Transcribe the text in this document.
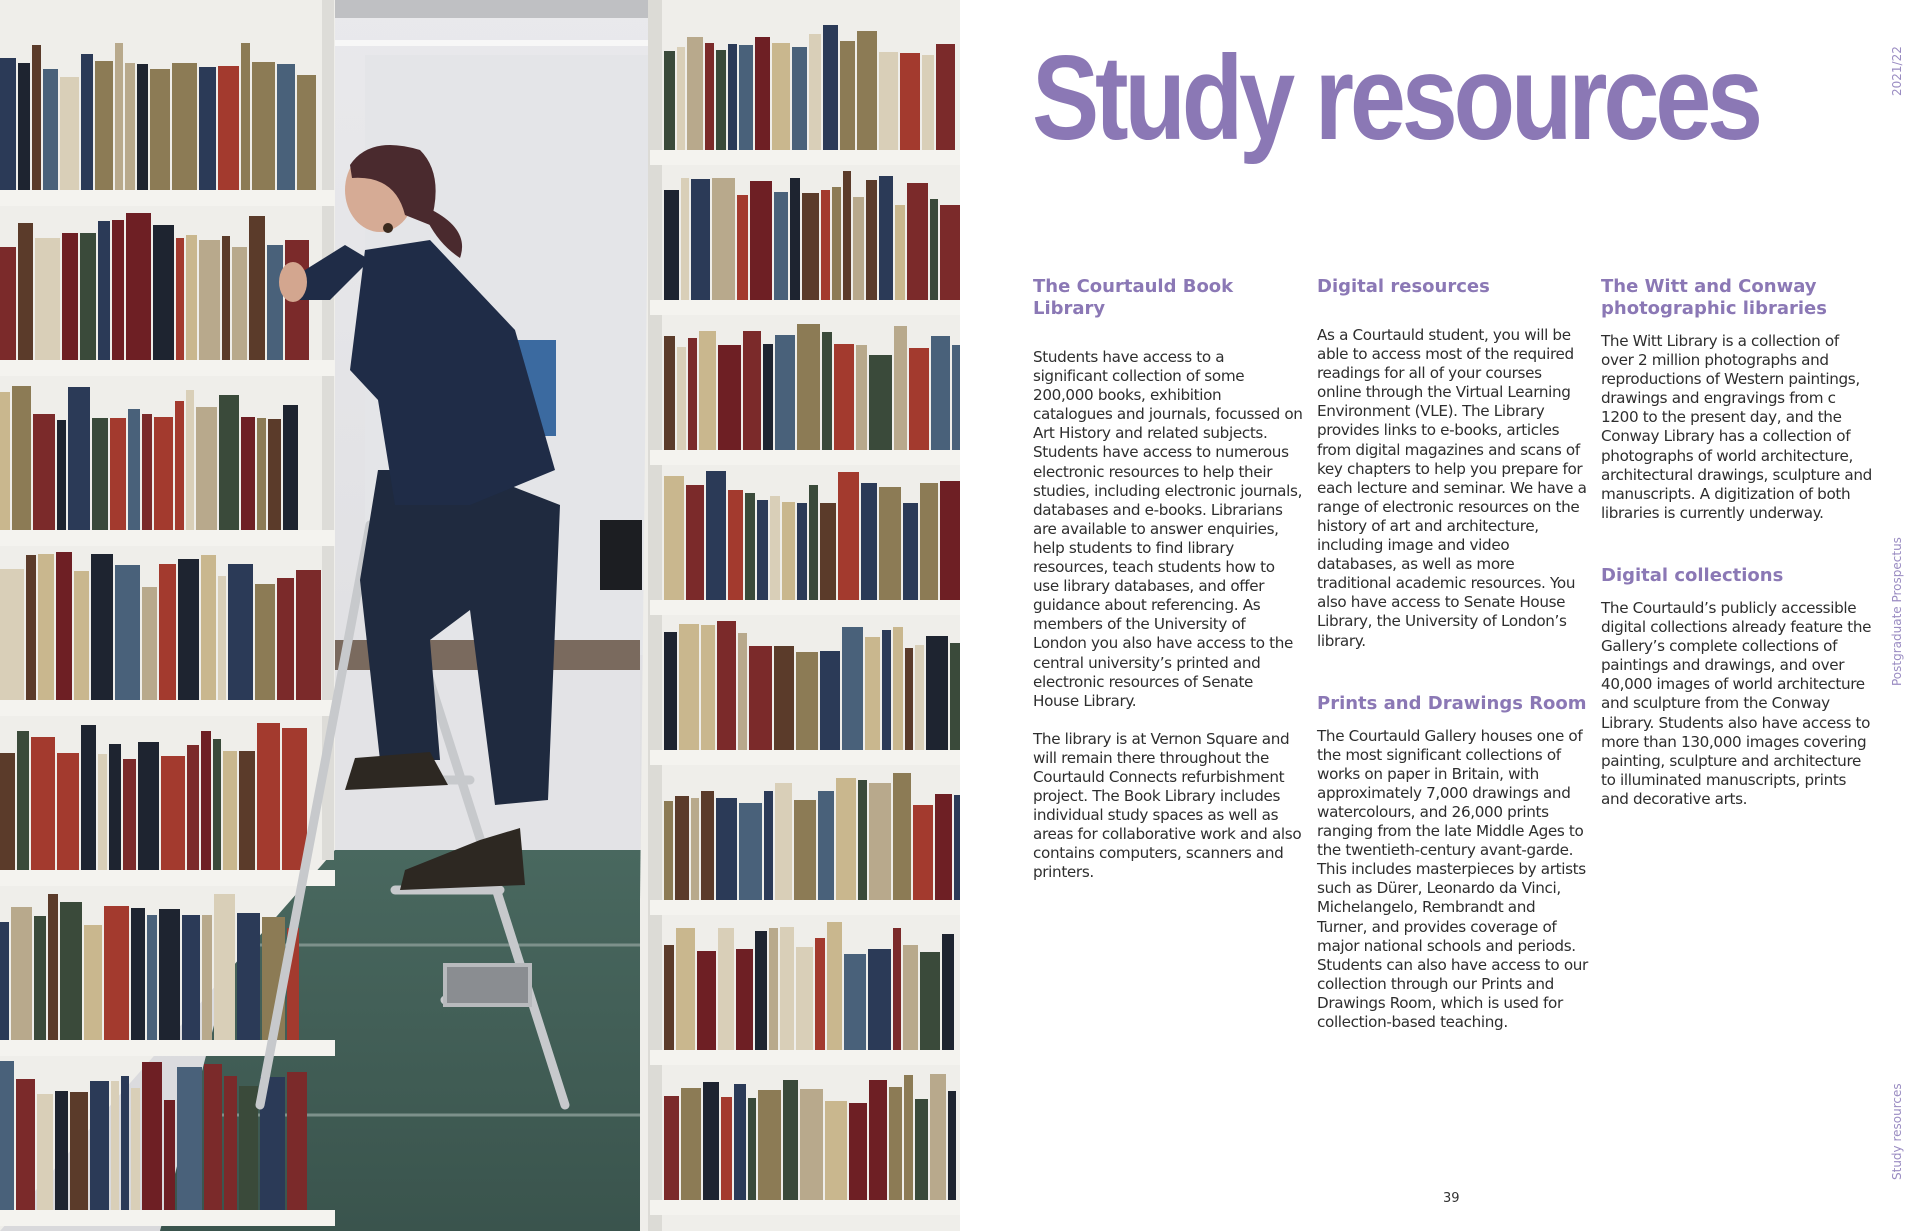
Study resources
The Courtauld Book Library

Students have access to a significant collection of some 200,000 books, exhibition catalogues and journals, focussed on Art History and related subjects. Students have access to numerous electronic resources to help their studies, including electronic journals, databases and e-books. Librarians are available to answer enquiries, help students to find library resources, teach students how to use library databases, and offer guidance about referencing. As members of the University of London you also have access to the central university’s printed and electronic resources of Senate House Library.

The library is at Vernon Square and will remain there throughout the Courtauld Connects refurbishment project. The Book Library includes individual study spaces as well as areas for collaborative work and also contains computers, scanners and printers.

Digital resources

As a Courtauld student, you will be able to access most of the required readings for all of your courses online through the Virtual Learning Environment (VLE). The Library provides links to e-books, articles from digital magazines and scans of key chapters to help you prepare for each lecture and seminar. We have a range of electronic resources on the history of art and architecture, including image and video databases, as well as more traditional academic resources. You also have access to Senate House Library, the University of London’s library.

Prints and Drawings Room

The Courtauld Gallery houses one of the most significant collections of works on paper in Britain, with approximately 7,000 drawings and watercolours, and 26,000 prints ranging from the late Middle Ages to the twentieth-century avant-garde. This includes masterpieces by artists such as Dürer, Leonardo da Vinci, Michelangelo, Rembrandt and Turner, and provides coverage of major national schools and periods. Students can also have access to our collection through our Prints and Drawings Room, which is used for collection-based teaching.

The Witt and Conway photographic libraries

The Witt Library is a collection of over 2 million photographs and reproductions of Western paintings, drawings and engravings from c 1200 to the present day, and the Conway Library has a collection of photographs of world architecture, architectural drawings, sculpture and manuscripts. A digitization of both libraries is currently underway.

Digital collections

The Courtauld’s publicly accessible digital collections already feature the Gallery’s complete collections of paintings and drawings, and over 40,000 images of world architecture and sculpture from the Conway Library. Students also have access to more than 130,000 images covering painting, sculpture and architecture to illuminated manuscripts, prints and decorative arts.

2021/22
Postgraduate Prospectus
Study resources
39
